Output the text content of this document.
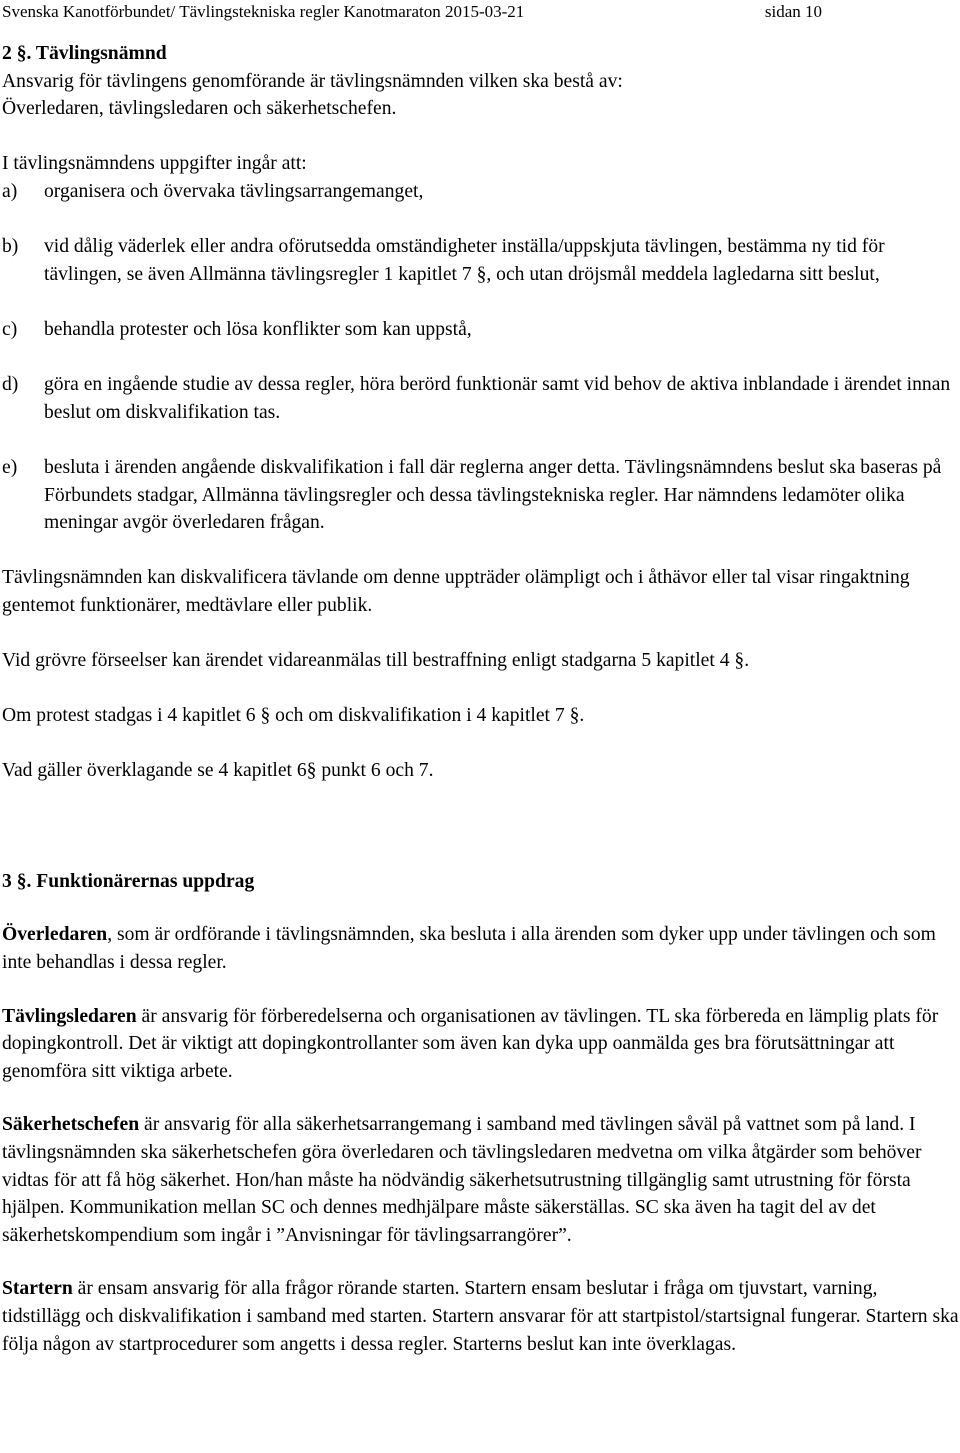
Svenska Kanotförbundet/ Tävlingstekniska regler Kanotmaraton 2015-03-21	sidan 10

2 §. Tävlingsnämnd

Ansvarig för tävlingens genomförande är tävlingsnämnden vilken ska bestå av:

Överledaren, tävlingsledaren och säkerhetschefen.

I tävlingsnämndens uppgifter ingår att:

a) organisera och övervaka tävlingsarrangemanget,
b) vid dålig väderlek eller andra oförutsedda omständigheter inställa/uppskjuta tävlingen, bestämma ny tid för tävlingen, se även Allmänna tävlingsregler 1 kapitlet 7 §, och utan dröjsmål meddela lagledarna sitt beslut,
c) behandla protester och lösa konflikter som kan uppstå,
d) göra en ingående studie av dessa regler, höra berörd funktionär samt vid behov de aktiva inblandade i ärendet innan beslut om diskvalifikation tas.
e) besluta i ärenden angående diskvalifikation i fall där reglerna anger detta. Tävlingsnämndens beslut ska baseras på Förbundets stadgar, Allmänna tävlingsregler och dessa tävlingstekniska regler. Har nämndens ledamöter olika meningar avgör överledaren frågan.

Tävlingsnämnden kan diskvalificera tävlande om denne uppträder olämpligt och i åthävor eller tal visar ringaktning gentemot funktionärer, medtävlare eller publik.

Vid grövre förseelser kan ärendet vidareanmälas till bestraffning enligt stadgarna 5 kapitlet 4 §.

Om protest stadgas i 4 kapitlet 6 § och om diskvalifikation i 4 kapitlet 7 §.

Vad gäller överklagande se 4 kapitlet 6§ punkt 6 och 7.

3 §. Funktionärernas uppdrag

Överledaren, som är ordförande i tävlingsnämnden, ska besluta i alla ärenden som dyker upp under tävlingen och som inte behandlas i dessa regler.

Tävlingsledaren är ansvarig för förberedelserna och organisationen av tävlingen. TL ska förbereda en lämplig plats för dopingkontroll. Det är viktigt att dopingkontrollanter som även kan dyka upp oanmälda ges bra förutsättningar att genomföra sitt viktiga arbete.

Säkerhetschefen är ansvarig för alla säkerhetsarrangemang i samband med tävlingen såväl på vattnet som på land. I tävlingsnämnden ska säkerhetschefen göra överledaren och tävlingsledaren medvetna om vilka åtgärder som behöver vidtas för att få hög säkerhet. Hon/han måste ha nödvändig säkerhetsutrustning tillgänglig samt utrustning för första hjälpen. Kommunikation mellan SC och dennes medhjälpare måste säkerställas. SC ska även ha tagit del av det säkerhetskompendium som ingår i ”Anvisningar för tävlingsarrangörer”.

Startern är ensam ansvarig för alla frågor rörande starten. Startern ensam beslutar i fråga om tjuvstart, varning, tidstillägg och diskvalifikation i samband med starten. Startern ansvarar för att startpistol/startsignal fungerar. Startern ska följa någon av startprocedurer som angetts i dessa regler. Starterns beslut kan inte överklagas.
